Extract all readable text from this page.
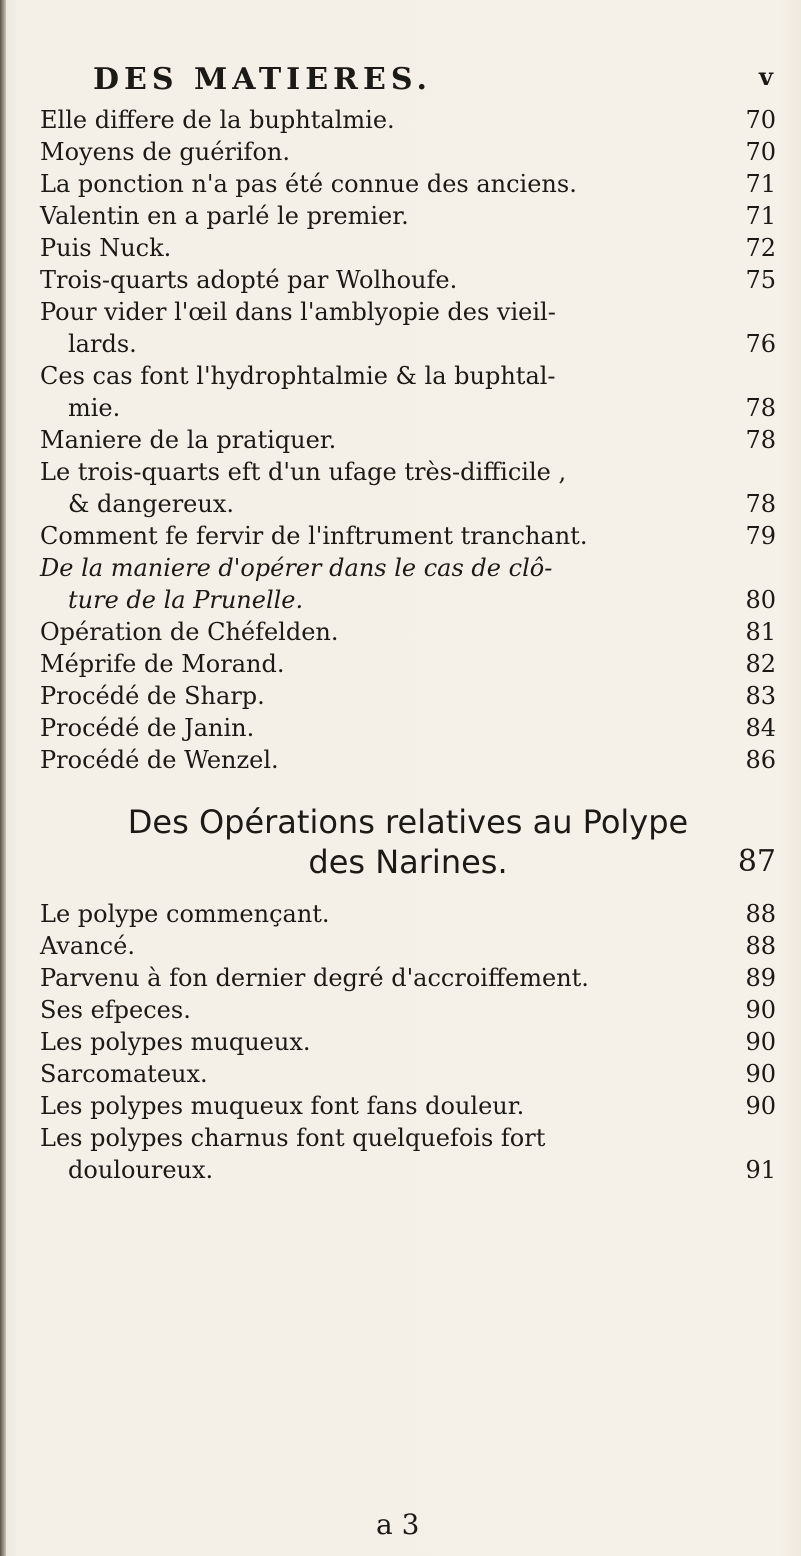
DES MATIERES.	v
Elle differe de la buphtalmie.	70
Moyens de guérifon.	70
La ponction n'a pas été connue des anciens.	71
Valentin en a parlé le premier.	71
Puis Nuck.	72
Trois-quarts adopté par Wolhoufe.	75
Pour vider l'œil dans l'amblyopie des vieil-
lards.	76
Ces cas font l'hydrophtalmie & la buphtal-
mie.	78
Maniere de la pratiquer.	78
Le trois-quarts eft d'un ufage très-difficile ,
& dangereux.	78
Comment fe fervir de l'inftrument tranchant.	79
De la maniere d'opérer dans le cas de clô-
ture de la Prunelle.	80
Opération de Chéfelden.	81
Méprife de Morand.	82
Procédé de Sharp.	83
Procédé de Janin.	84
Procédé de Wenzel.	86
Des Opérations relatives au Polype
des Narines.	87
Le polype commençant.	88
Avancé.	88
Parvenu à fon dernier degré d'accroiffement.	89
Ses efpeces.	90
Les polypes muqueux.	90
Sarcomateux.	90
Les polypes muqueux font fans douleur.	90
Les polypes charnus font quelquefois fort
douloureux.	91
a 3
